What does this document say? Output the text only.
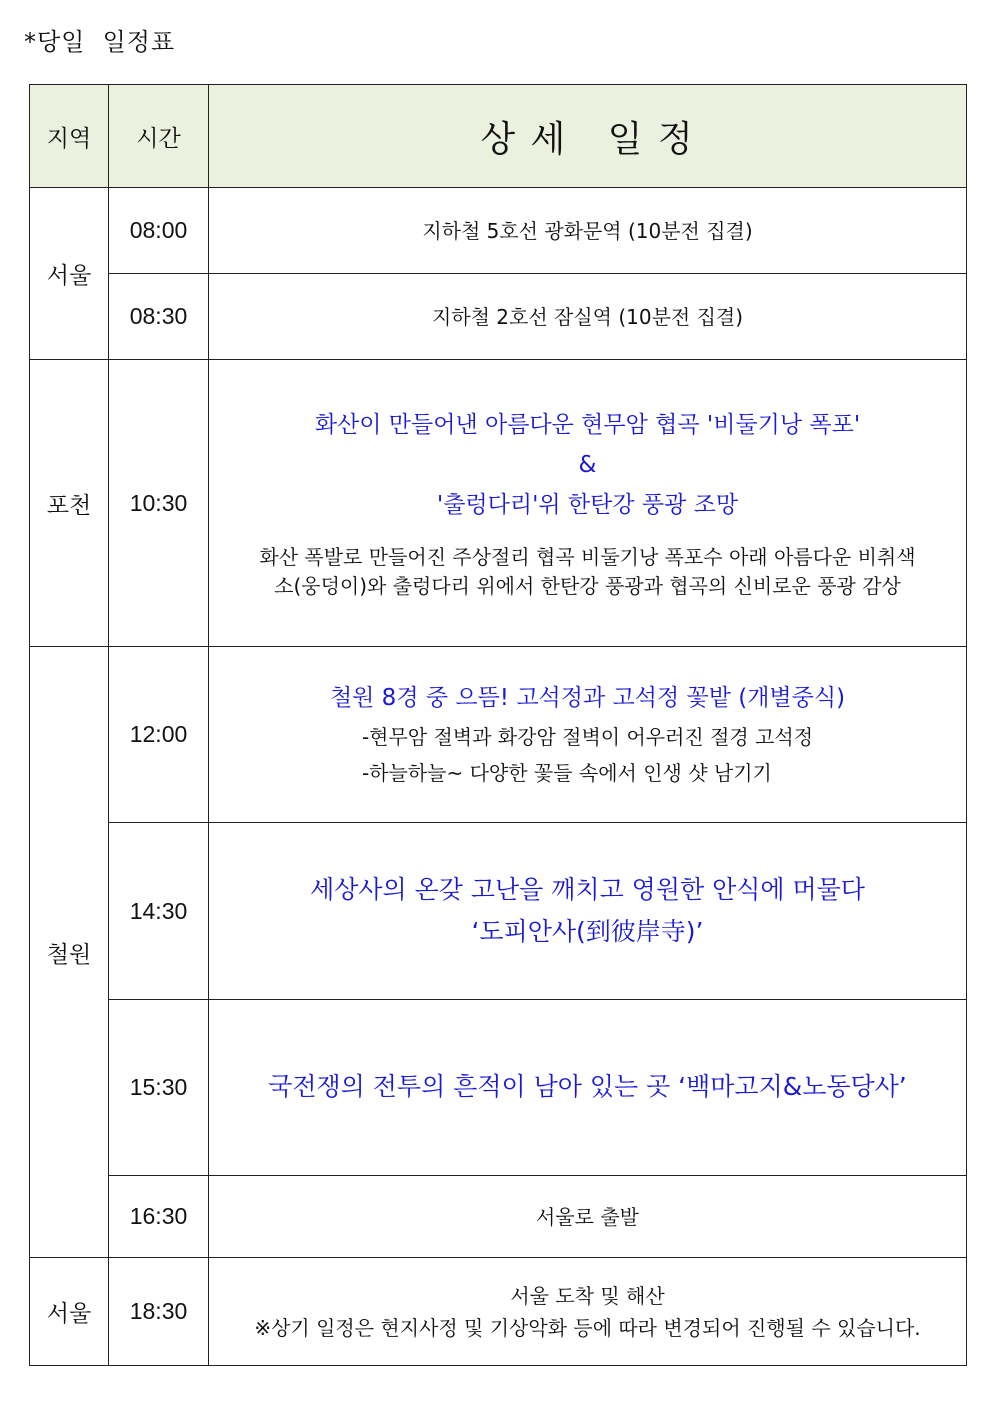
*당일  일정표
지역	시간	상 세   일 정
서울	08:00	지하철 5호선 광화문역 (10분전 집결)
	08:30	지하철 2호선 잠실역 (10분전 집결)
포천	10:30	화산이 만들어낸 아름다운 현무암 협곡 '비둘기낭 폭포'
&
'출렁다리'위 한탄강 풍광 조망
화산 폭발로 만들어진 주상절리 협곡 비둘기낭 폭포수 아래 아름다운 비취색
소(웅덩이)와 출렁다리 위에서 한탄강 풍광과 협곡의 신비로운 풍광 감상

철원	12:00	철원 8경 중 으뜸! 고석정과 고석정 꽃밭 (개별중식)
-현무암 절벽과 화강암 절벽이 어우러진 절경 고석정
-하늘하늘~ 다양한 꽃들 속에서 인생 샷 남기기

	14:30	세상사의 온갖 고난을 깨치고 영원한 안식에 머물다
‘도피안사(到彼岸寺)’

	15:30	국전쟁의 전투의 흔적이 남아 있는 곳 ‘백마고지&노동당사’

	16:30	서울로 출발
서울	18:30	서울 도착 및 해산
※상기 일정은 현지사정 및 기상악화 등에 따라 변경되어 진행될 수 있습니다.
